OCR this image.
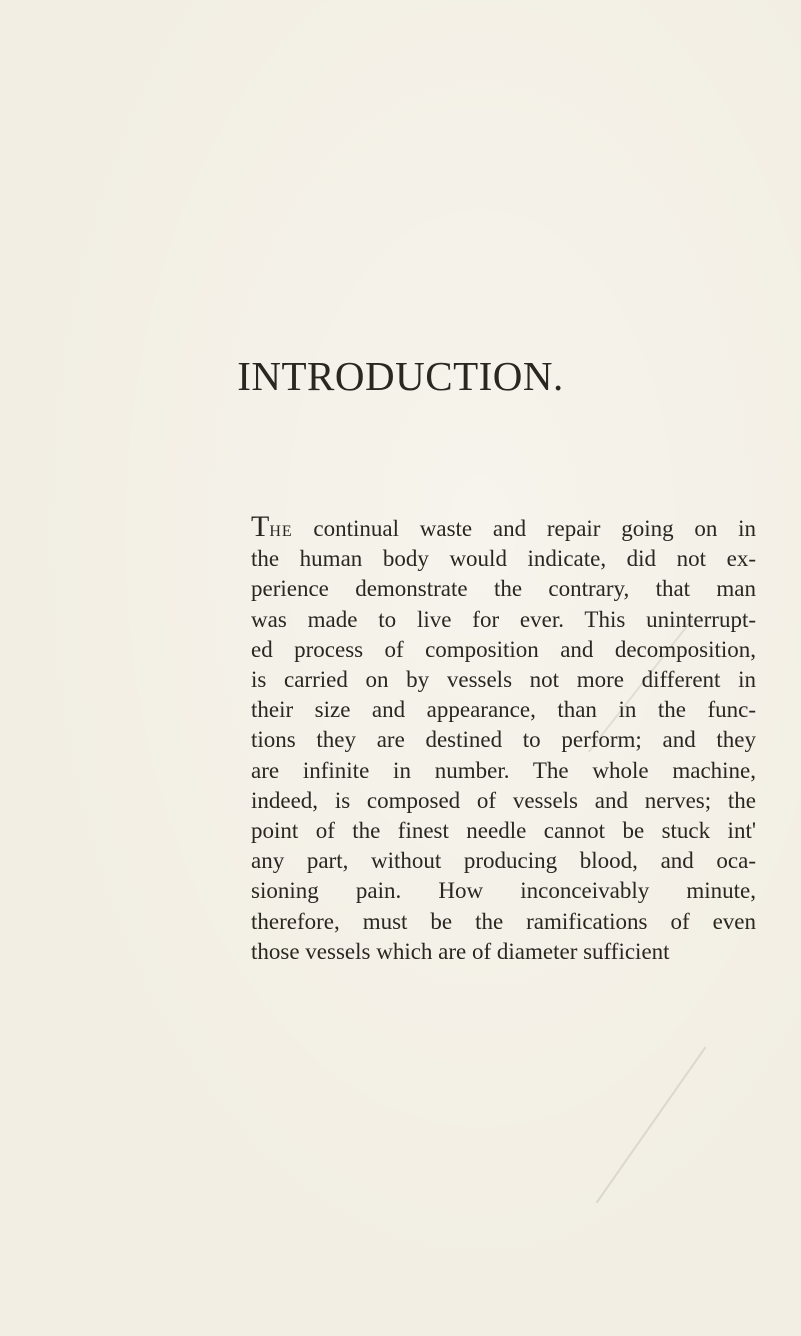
INTRODUCTION.
The continual waste and repair going on in
the human body would indicate, did not ex-
perience demonstrate the contrary, that man
was made to live for ever. This uninterrupt-
ed process of composition and decomposition,
is carried on by vessels not more different in
their size and appearance, than in the func-
tions they are destined to perform; and they
are infinite in number. The whole machine,
indeed, is composed of vessels and nerves; the
point of the finest needle cannot be stuck int'
any part, without producing blood, and oca-
sioning pain. How inconceivably minute,
therefore, must be the ramifications of even
those vessels which are of diameter sufficient
